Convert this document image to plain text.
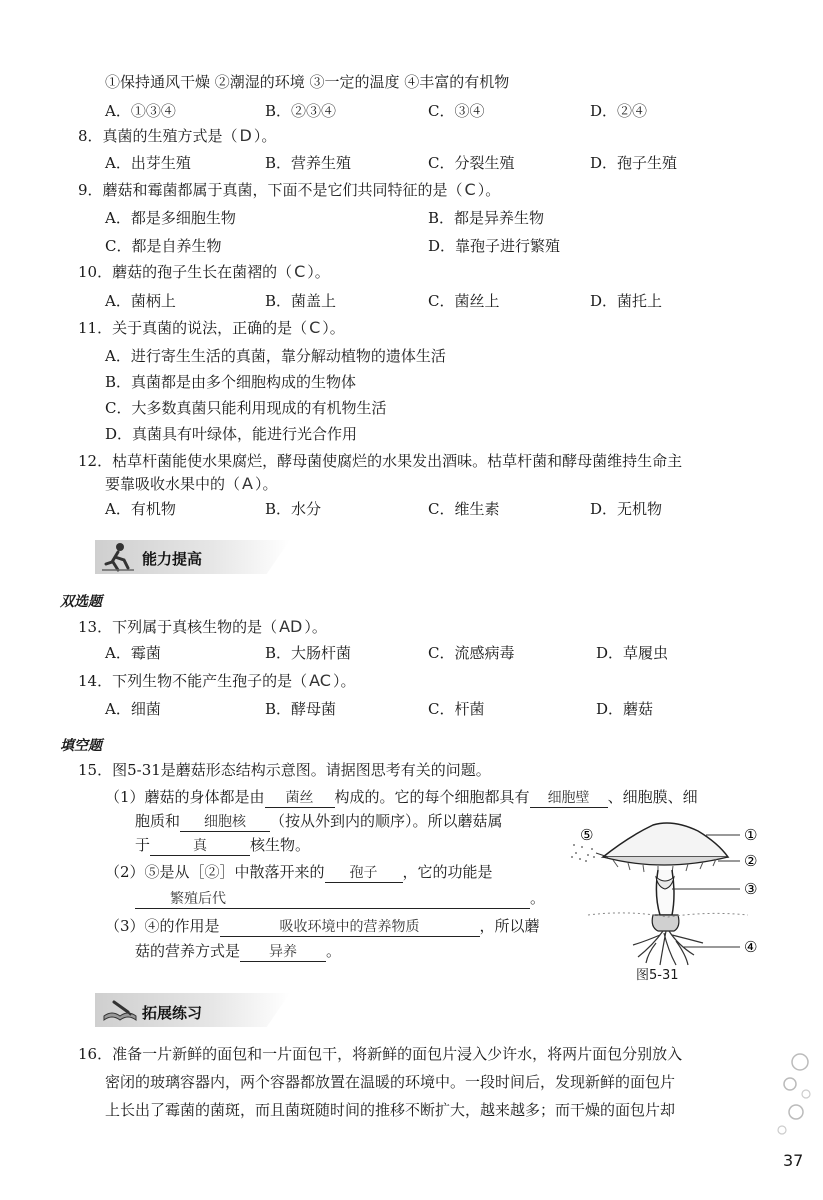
①保持通风干燥 ②潮湿的环境 ③一定的温度 ④丰富的有机物
A．①③④	B．②③④	C．③④	D．②④
8．真菌的生殖方式是（ D ）。
A．出芽生殖	B．营养生殖	C．分裂生殖	D．孢子生殖
9．蘑菇和霉菌都属于真菌，下面不是它们共同特征的是（ C ）。
A．都是多细胞生物	B．都是异养生物
C．都是自养生物	D．靠孢子进行繁殖
10．蘑菇的孢子生长在菌褶的（ C ）。
A．菌柄上	B．菌盖上	C．菌丝上	D．菌托上
11．关于真菌的说法，正确的是（ C ）。
A．进行寄生生活的真菌，靠分解动植物的遗体生活
B．真菌都是由多个细胞构成的生物体
C．大多数真菌只能利用现成的有机物生活
D．真菌具有叶绿体，能进行光合作用
12．枯草杆菌能使水果腐烂，酵母菌使腐烂的水果发出酒味。枯草杆菌和酵母菌维持生命主
要靠吸收水果中的（ A ）。
A．有机物	B．水分	C．维生素	D．无机物
能力提高
双选题
13．下列属于真核生物的是（ AD ）。
A．霉菌	B．大肠杆菌	C．流感病毒	D．草履虫
14．下列生物不能产生孢子的是（ AC ）。
A．细菌	B．酵母菌	C．杆菌	D．蘑菇
填空题
15．图5-31是蘑菇形态结构示意图。请据图思考有关的问题。
（1）蘑菇的身体都是由 菌丝 构成的。它的每个细胞都具有 细胞壁 、细胞膜、细
胞质和 细胞核 （按从外到内的顺序）。所以蘑菇属
于	真	核生物。
（2）⑤是从［②］中散落开来的 孢子 ，它的功能是
繁殖后代	。
（3）④的作用是	吸收环境中的营养物质	，所以蘑
菇的营养方式是 异养 。
①
②
③
④
⑤
图5-31
拓展练习
16．准备一片新鲜的面包和一片面包干，将新鲜的面包片浸入少许水，将两片面包分别放入
密闭的玻璃容器内，两个容器都放置在温暖的环境中。一段时间后，发现新鲜的面包片
上长出了霉菌的菌斑，而且菌斑随时间的推移不断扩大，越来越多；而干燥的面包片却
37
